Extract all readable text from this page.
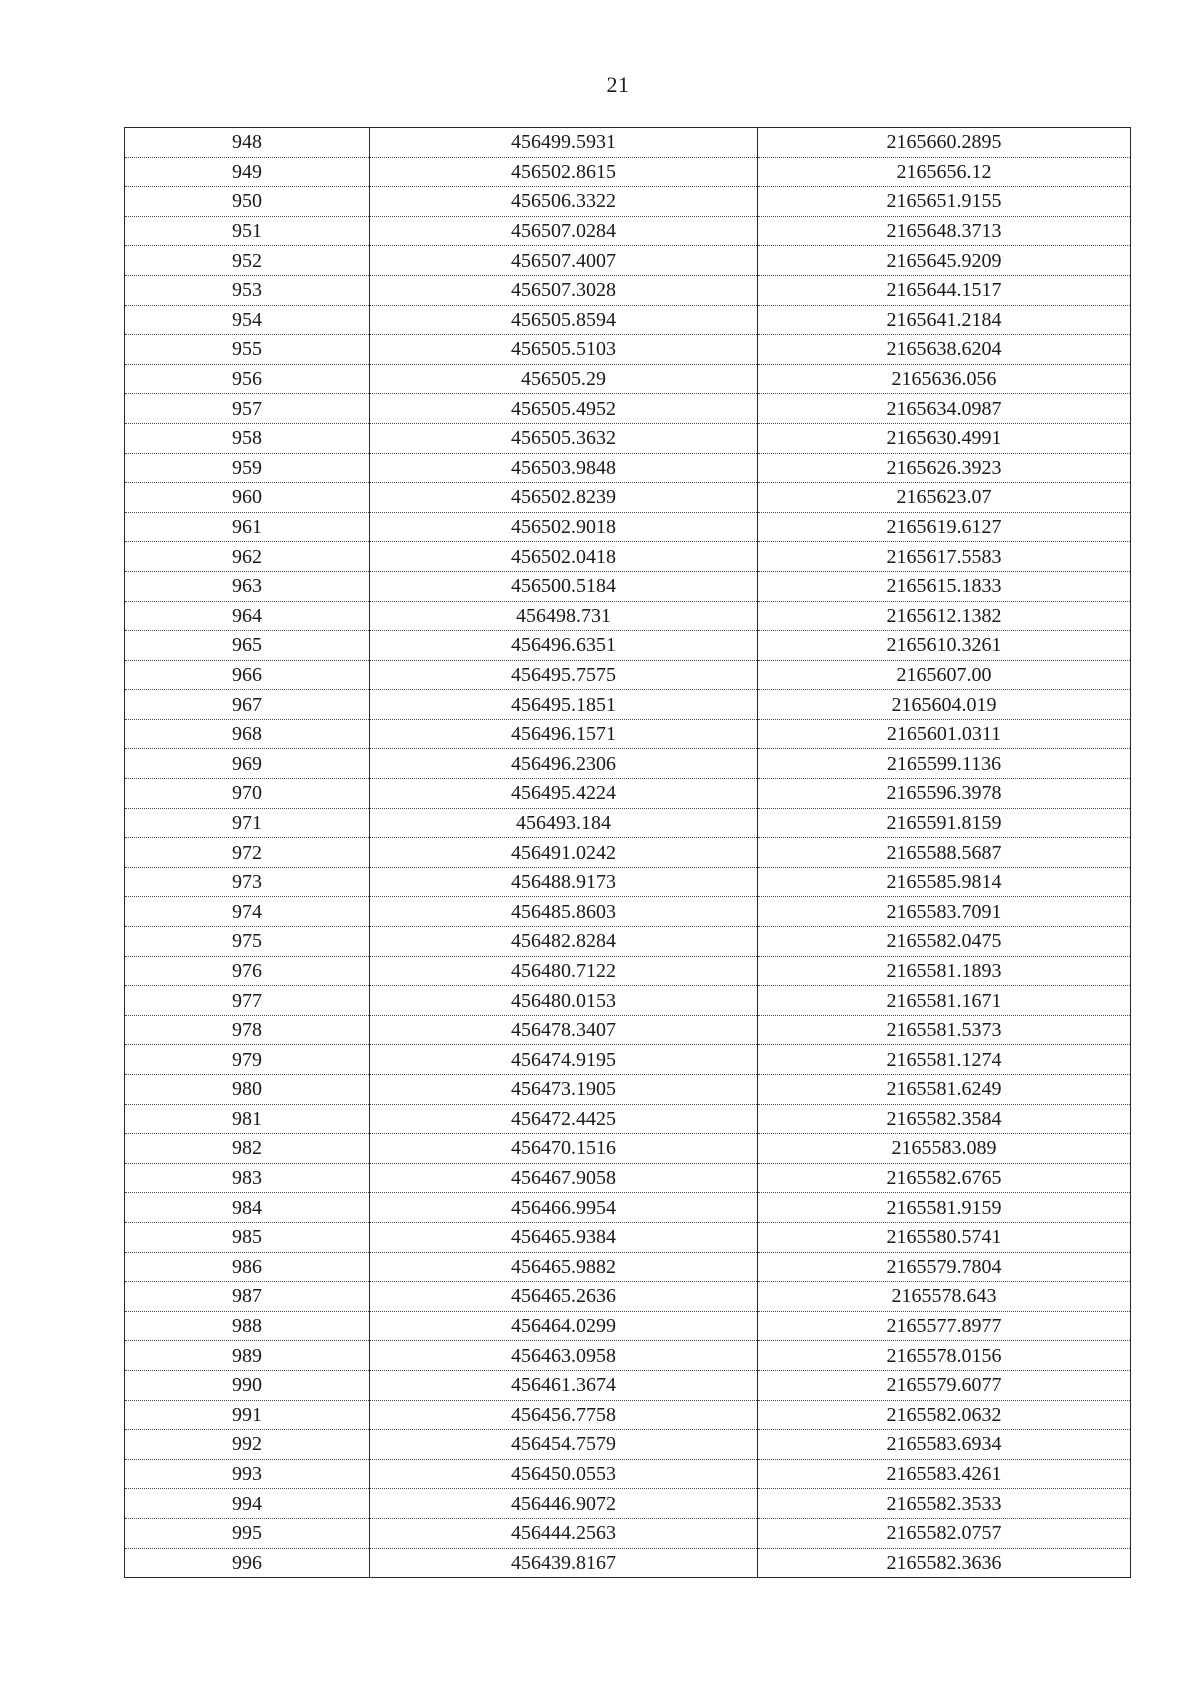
21
948	456499.5931	2165660.2895
949	456502.8615	2165656.12
950	456506.3322	2165651.9155
951	456507.0284	2165648.3713
952	456507.4007	2165645.9209
953	456507.3028	2165644.1517
954	456505.8594	2165641.2184
955	456505.5103	2165638.6204
956	456505.29	2165636.056
957	456505.4952	2165634.0987
958	456505.3632	2165630.4991
959	456503.9848	2165626.3923
960	456502.8239	2165623.07
961	456502.9018	2165619.6127
962	456502.0418	2165617.5583
963	456500.5184	2165615.1833
964	456498.731	2165612.1382
965	456496.6351	2165610.3261
966	456495.7575	2165607.00
967	456495.1851	2165604.019
968	456496.1571	2165601.0311
969	456496.2306	2165599.1136
970	456495.4224	2165596.3978
971	456493.184	2165591.8159
972	456491.0242	2165588.5687
973	456488.9173	2165585.9814
974	456485.8603	2165583.7091
975	456482.8284	2165582.0475
976	456480.7122	2165581.1893
977	456480.0153	2165581.1671
978	456478.3407	2165581.5373
979	456474.9195	2165581.1274
980	456473.1905	2165581.6249
981	456472.4425	2165582.3584
982	456470.1516	2165583.089
983	456467.9058	2165582.6765
984	456466.9954	2165581.9159
985	456465.9384	2165580.5741
986	456465.9882	2165579.7804
987	456465.2636	2165578.643
988	456464.0299	2165577.8977
989	456463.0958	2165578.0156
990	456461.3674	2165579.6077
991	456456.7758	2165582.0632
992	456454.7579	2165583.6934
993	456450.0553	2165583.4261
994	456446.9072	2165582.3533
995	456444.2563	2165582.0757
996	456439.8167	2165582.3636
